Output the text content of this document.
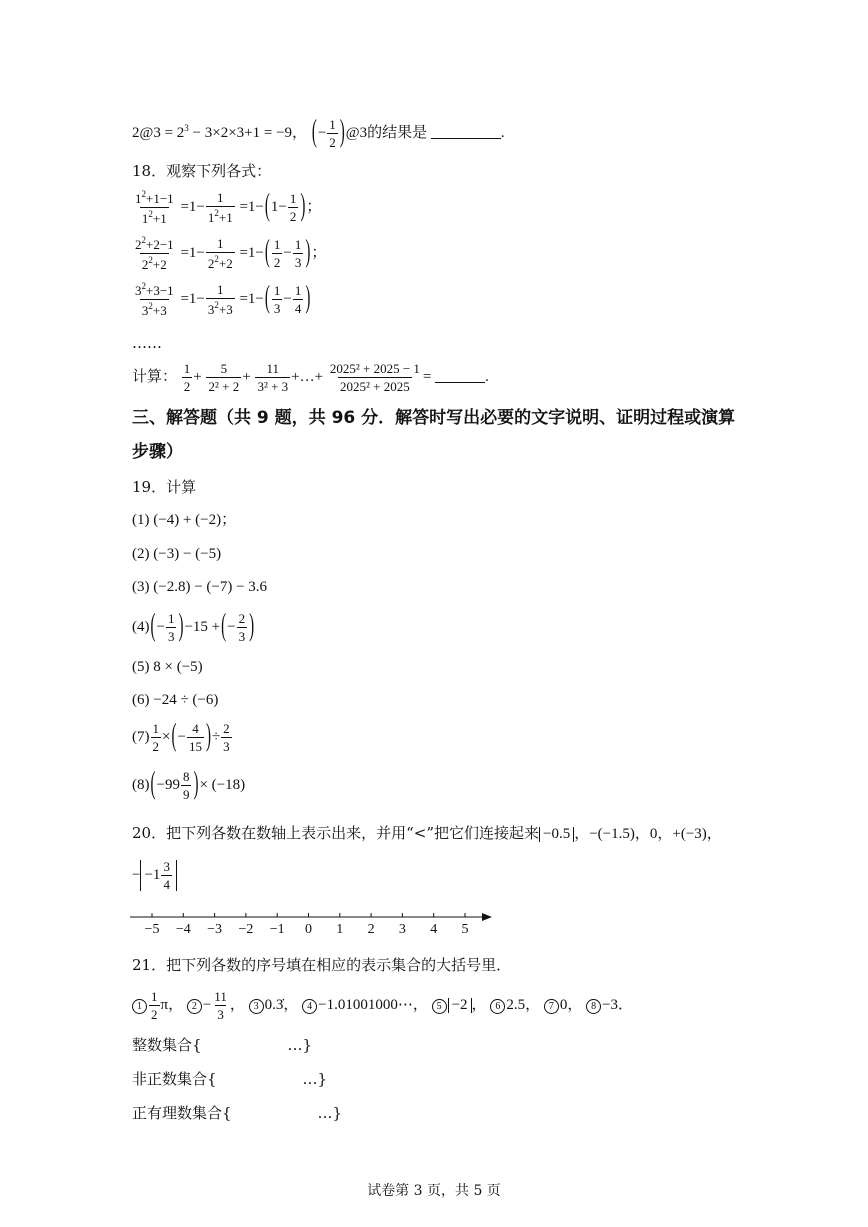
2@3 = $2^3 - 3\times 2\times 3+1 = -9$， (− $\frac{1}{2}$ )@3的结果是	.
18．观察下列各式：
$\frac{1^2+1-1}{1^2+1} =1- \frac{1}{1^2+1} =1-(1- \frac{1}{2}$ )；
$\frac{2^2+2-1}{2^2+2} =1- \frac{1}{2^2+2} =1-( \frac{1}{2} - \frac{1}{3}$ )；
$\frac{3^2+3-1}{3^2+3} =1- \frac{1}{3^2+3} =1-( \frac{1}{3} - \frac{1}{4}$ )
……
计算： $\frac{1}{2} + \frac{5}{\text{2² + 2}} + \frac{11}{\text{3² + 3}}$ +…+ $\frac{\text{2025² + 2025 − 1}}{\text{2025² + 2025}}$ =	.
三、解答题（共 9 题，共 96 分．解答时写出必要的文字说明、证明过程或演算
步骤）
19．计算
(1) (−4) + (−2)；
(2) (−3) − (−5)
(3) (−2.8) − (−7) − 3.6
$(4)(- \frac{1}{3} )-15$ +(− $\frac{2}{3}$ )
(5) 8 × (−5)
(6) −24 ÷ (−6)
$(7) \frac{1}{2}$ ×(− $\frac{4}{15}$ )÷ $\frac{2}{3}$
$(8)(-99 \frac{8}{9}$ )× (−18)
20．把下列各数在数轴上表示出来，并用“<”把它们连接起来 −0.5 ，−(−1.5)，0，+(−3)，
− $-1 \frac{3}{4}$
−5 −4 −3 −2 −1 0 1 2 3 4 5
21．把下列各数的序号填在相应的表示集合的大括号里．
$1 \frac{1}{2}$ π， $2 - \frac{11}{3}$ ， 3 0.3̇， 4 −1.01001000⋯， 5 −2 ， 6 2.5， 7 0， 8 −3．
整数集合{	…}
非正数集合{	…}
正有理数集合{	…}
试卷第 3 页，共 5 页
